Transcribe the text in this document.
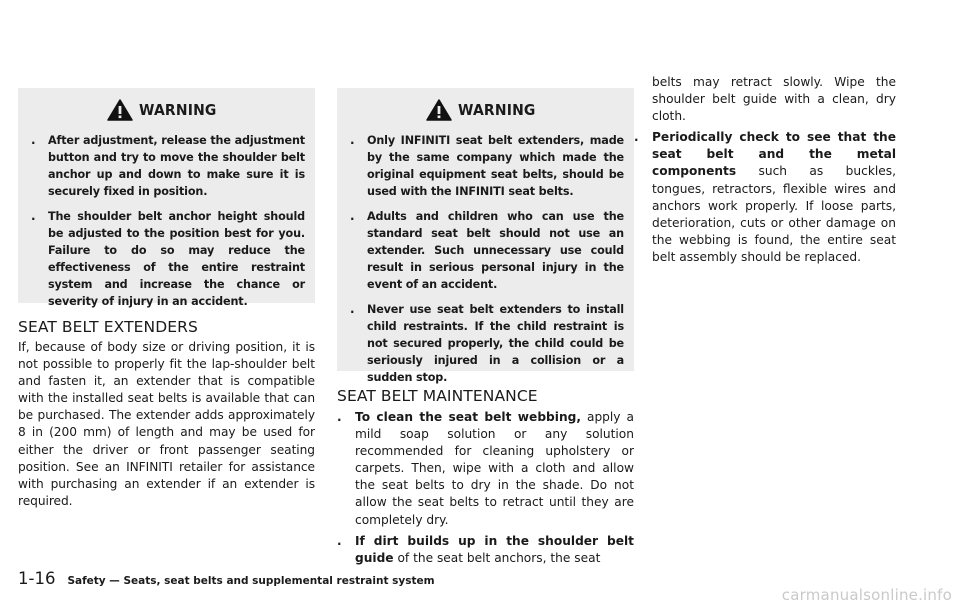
WARNING
.	After adjustment, release the adjustment button and try to move the shoulder belt anchor up and down to make sure it is securely fixed in position.
.	The shoulder belt anchor height should be adjusted to the position best for you. Failure to do so may reduce the effectiveness of the entire restraint system and increase the chance or severity of injury in an accident.
SEAT BELT EXTENDERS
If, because of body size or driving position, it is not possible to properly fit the lap-shoulder belt and fasten it, an extender that is compatible with the installed seat belts is available that can be purchased. The extender adds approximately 8 in (200 mm) of length and may be used for either the driver or front passenger seating position. See an INFINITI retailer for assistance with purchasing an extender if an extender is required.
WARNING
.	Only INFINITI seat belt extenders, made by the same company which made the original equipment seat belts, should be used with the INFINITI seat belts.
.	Adults and children who can use the standard seat belt should not use an extender. Such unnecessary use could result in serious personal injury in the event of an accident.
.	Never use seat belt extenders to install child restraints. If the child restraint is not secured properly, the child could be seriously injured in a collision or a sudden stop.
SEAT BELT MAINTENANCE
.	To clean the seat belt webbing, apply a mild soap solution or any solution recommended for cleaning upholstery or carpets. Then, wipe with a cloth and allow the seat belts to dry in the shade. Do not allow the seat belts to retract until they are completely dry.
.	If dirt builds up in the shoulder belt guide of the seat belt anchors, the seat
belts may retract slowly. Wipe the shoulder belt guide with a clean, dry cloth.
.	Periodically check to see that the seat belt and the metal components such as buckles, tongues, retractors, flexible wires and anchors work properly. If loose parts, deterioration, cuts or other damage on the webbing is found, the entire seat belt assembly should be replaced.
1-16 Safety — Seats, seat belts and supplemental restraint system
carmanualsonline.info
